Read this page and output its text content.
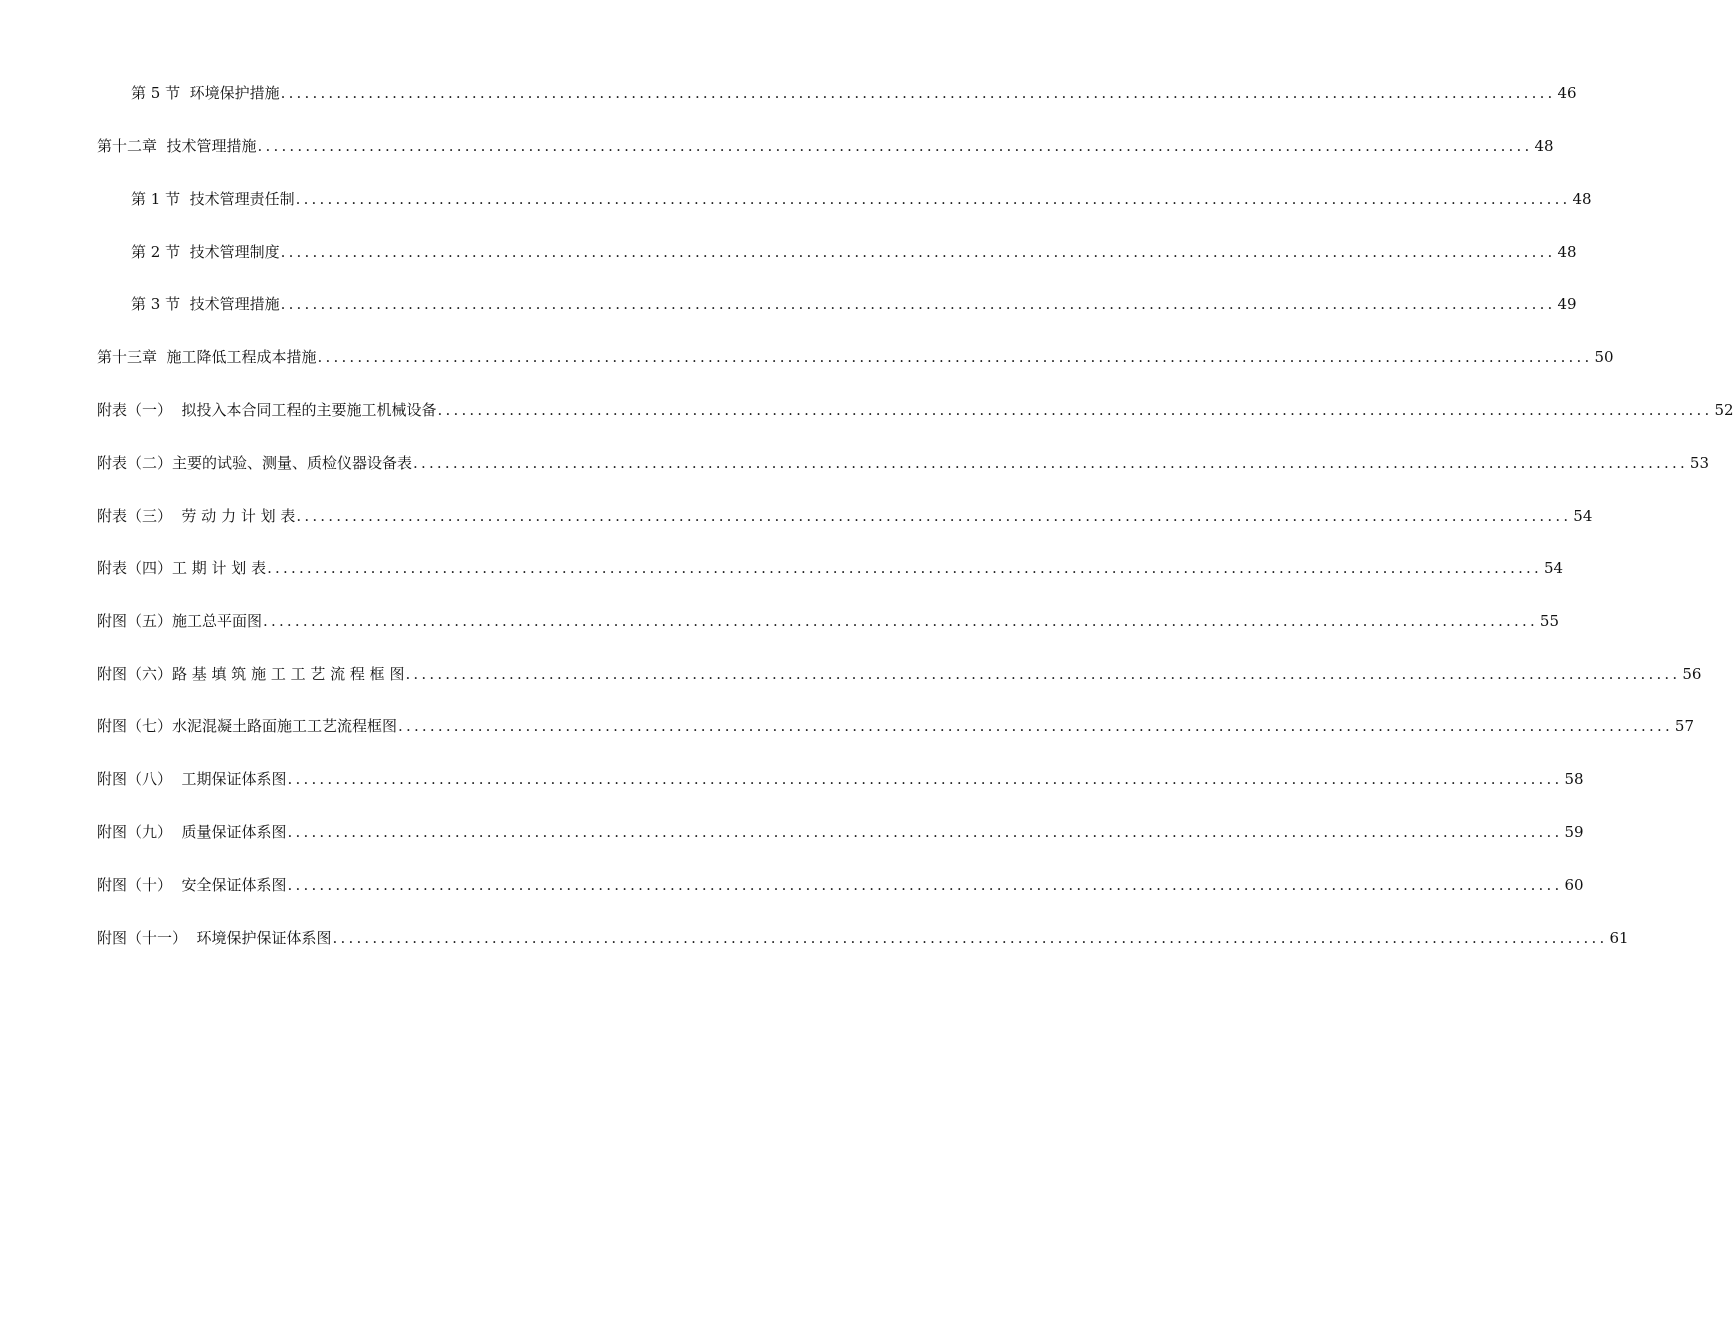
第 5 节  环境保护措施 ................................................................................................................................................................ 46
第十二章  技术管理措施 ................................................................................................................................................................ 48
第 1 节  技术管理责任制 ................................................................................................................................................................ 48
第 2 节  技术管理制度 ................................................................................................................................................................ 48
第 3 节  技术管理措施 ................................................................................................................................................................ 49
第十三章  施工降低工程成本措施 ................................................................................................................................................................ 50
附表（一）  拟投入本合同工程的主要施工机械设备 ................................................................................................................................................................ 52
附表（二）主要的试验、测量、质检仪器设备表 ................................................................................................................................................................ 53
附表（三）  劳 动 力 计 划 表 ................................................................................................................................................................ 54
附表（四）工 期 计 划 表 ................................................................................................................................................................ 54
附图（五）施工总平面图 ................................................................................................................................................................ 55
附图（六）路 基 填 筑 施 工 工 艺 流 程 框 图 ................................................................................................................................................................ 56
附图（七）水泥混凝土路面施工工艺流程框图 ................................................................................................................................................................ 57
附图（八）  工期保证体系图 ................................................................................................................................................................ 58
附图（九）  质量保证体系图 ................................................................................................................................................................ 59
附图（十）  安全保证体系图 ................................................................................................................................................................ 60
附图（十一）  环境保护保证体系图 ................................................................................................................................................................ 61
